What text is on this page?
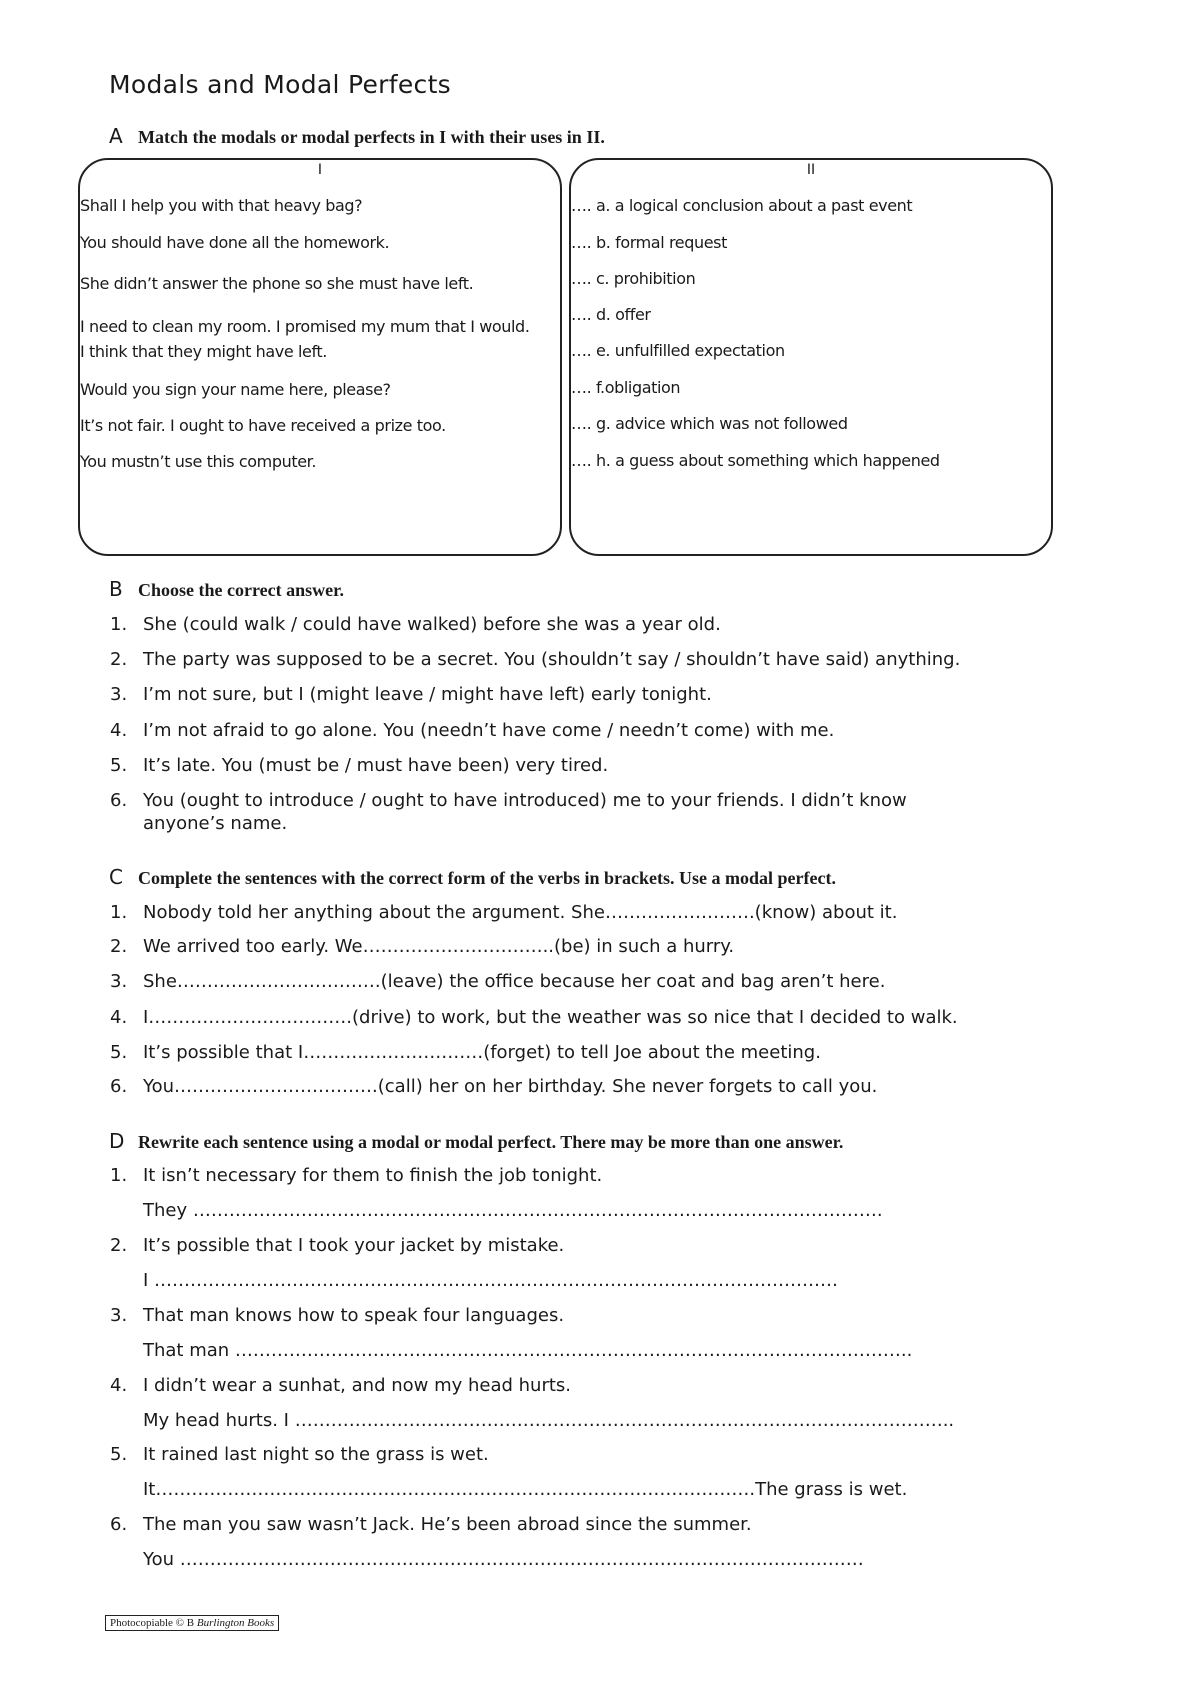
Modals and Modal Perfects
A Match the modals or modal perfects in I with their uses in II.
I	II
Shall I help you with that heavy bag?
You should have done all the homework.
She didn’t answer the phone so she must have left.
I need to clean my room. I promised my mum that I would.
I think that they might have left.
Would you sign your name here, please?
It’s not fair. I ought to have received a prize too.
You mustn’t use this computer.
…. a. a logical conclusion about a past event
…. b. formal request
…. c. prohibition
…. d. offer
…. e. unfulfilled expectation
…. f.obligation
…. g. advice which was not followed
…. h. a guess about something which happened
B Choose the correct answer.
1. She (could walk / could have walked) before she was a year old.
2. The party was supposed to be a secret. You (shouldn’t say / shouldn’t have said) anything.
3. I’m not sure, but I (might leave / might have left) early tonight.
4. I’m not afraid to go alone. You (needn’t have come / needn’t come) with me.
5. It’s late. You (must be / must have been) very tired.
6. You (ought to introduce / ought to have introduced) me to your friends. I didn’t know
anyone’s name.
C Complete the sentences with the correct form of the verbs in brackets. Use a modal perfect.
1. Nobody told her anything about the argument. She…………………….(know) about it.
2. We arrived too early. We…………………………..(be) in such a hurry.
3. She…………………………….(leave) the office because her coat and bag aren’t here.
4. I…………………………….(drive) to work, but the weather was so nice that I decided to walk.
5. It’s possible that I…………………………(forget) to tell Joe about the meeting.
6. You…………………………….(call) her on her birthday. She never forgets to call you.
D Rewrite each sentence using a modal or modal perfect. There may be more than one answer.
1. It isn’t necessary for them to finish the job tonight.
They …………………………………………………………………………………………………….
2. It’s possible that I took your jacket by mistake.
I ……………………………………………………………………………………………………
3. That man knows how to speak four languages.
That man …………………………………………………………………………………………………..
4. I didn’t wear a sunhat, and now my head hurts.
My head hurts. I ………………………………………………………………………………………………..
5. It rained last night so the grass is wet.
It……………………………………………………………………………………….The grass is wet.
6. The man you saw wasn’t Jack. He’s been abroad since the summer.
You ……………………………………………………………………………………………………
Photocopiable © B Burlington Books
